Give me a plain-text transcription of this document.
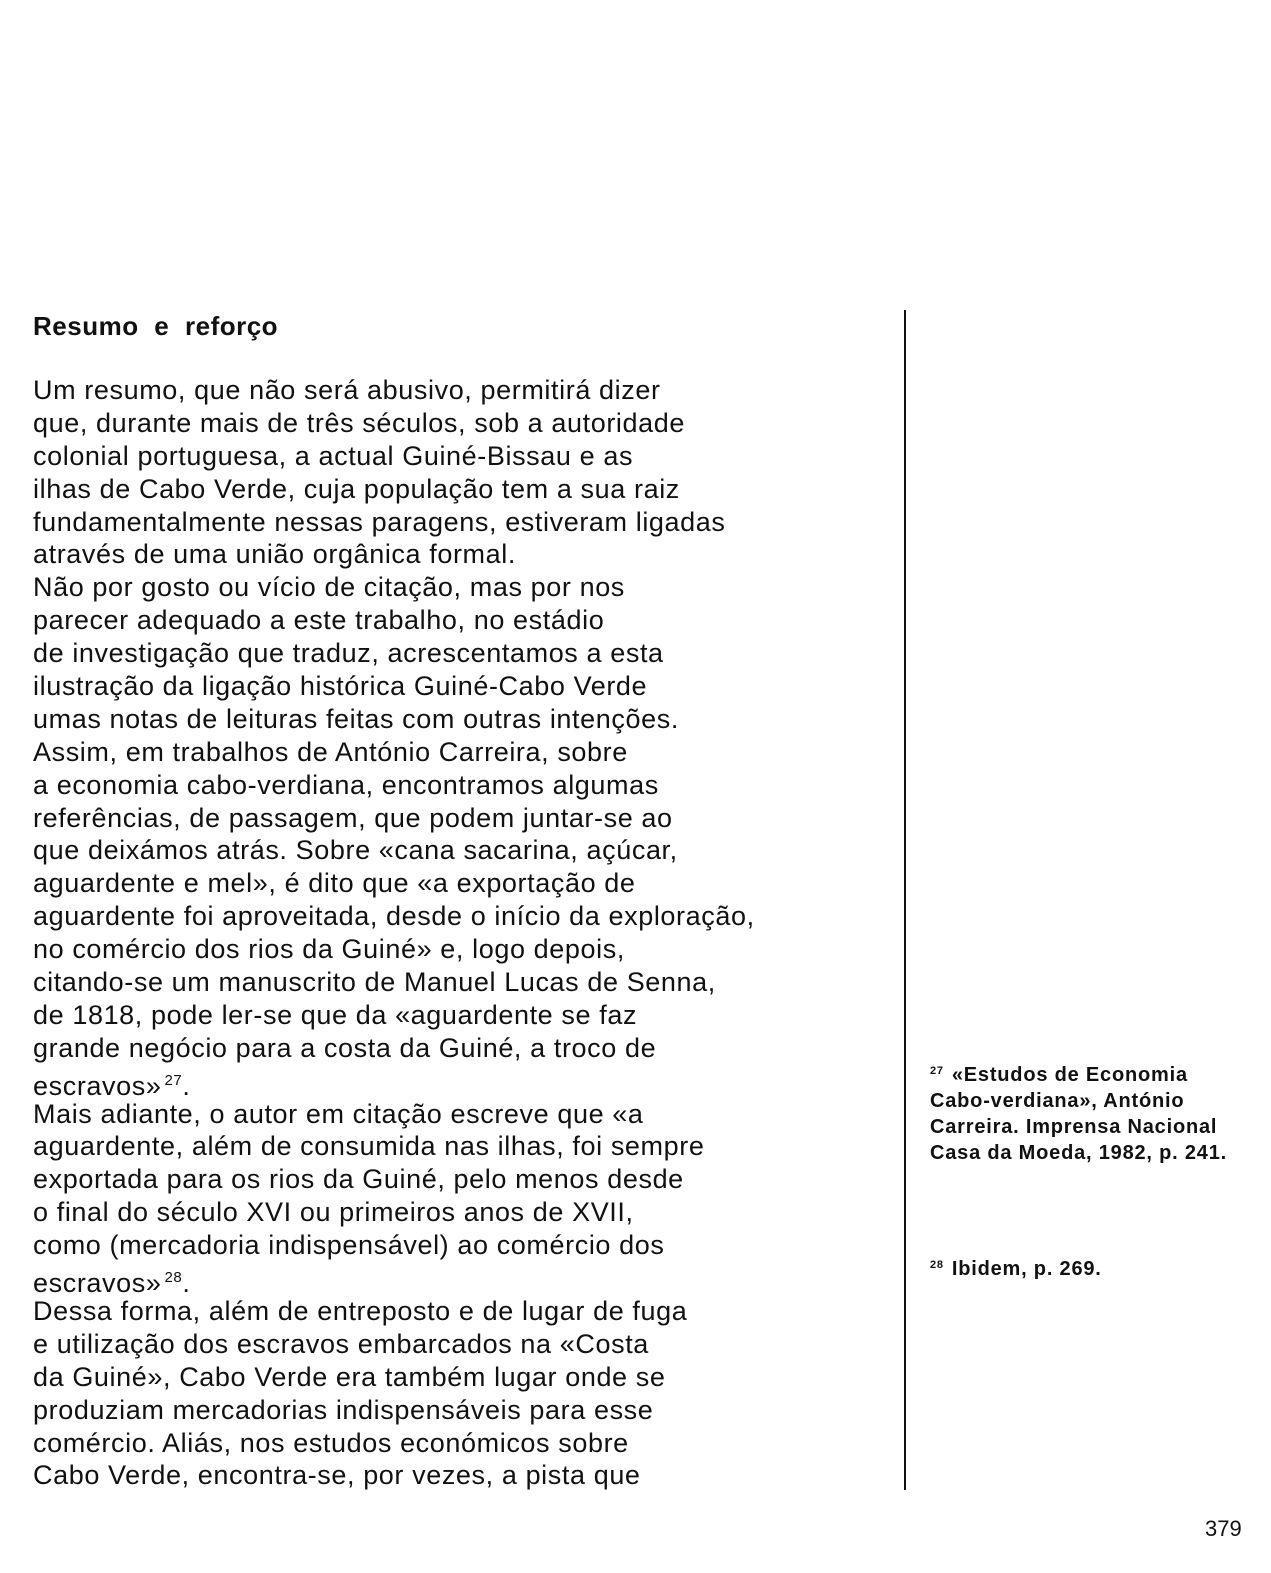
Resumo e reforço
Um resumo, que não será abusivo, permitirá dizer
que, durante mais de três séculos, sob a autoridade
colonial portuguesa, a actual Guiné-Bissau e as
ilhas de Cabo Verde, cuja população tem a sua raiz
fundamentalmente nessas paragens, estiveram ligadas
através de uma união orgânica formal.
Não por gosto ou vício de citação, mas por nos
parecer adequado a este trabalho, no estádio
de investigação que traduz, acrescentamos a esta
ilustração da ligação histórica Guiné-Cabo Verde
umas notas de leituras feitas com outras intenções.
Assim, em trabalhos de António Carreira, sobre
a economia cabo-verdiana, encontramos algumas
referências, de passagem, que podem juntar-se ao
que deixámos atrás. Sobre «cana sacarina, açúcar,
aguardente e mel», é dito que «a exportação de
aguardente foi aproveitada, desde o início da exploração,
no comércio dos rios da Guiné» e, logo depois,
citando-se um manuscrito de Manuel Lucas de Senna,
de 1818, pode ler-se que da «aguardente se faz
grande negócio para a costa da Guiné, a troco de
escravos» $^{27}$.
Mais adiante, o autor em citação escreve que «a
aguardente, além de consumida nas ilhas, foi sempre
exportada para os rios da Guiné, pelo menos desde
o final do século XVI ou primeiros anos de XVII,
como (mercadoria indispensável) ao comércio dos
escravos» $^{28}$.
Dessa forma, além de entreposto e de lugar de fuga
e utilização dos escravos embarcados na «Costa
da Guiné», Cabo Verde era também lugar onde se
produziam mercadorias indispensáveis para esse
comércio. Aliás, nos estudos económicos sobre
Cabo Verde, encontra-se, por vezes, a pista que
$^{27}$ «Estudos de Economia Cabo-verdiana», António Carreira. Imprensa Nacional Casa da Moeda, 1982, p. 241.
$^{28}$ Ibidem, p. 269.
379
